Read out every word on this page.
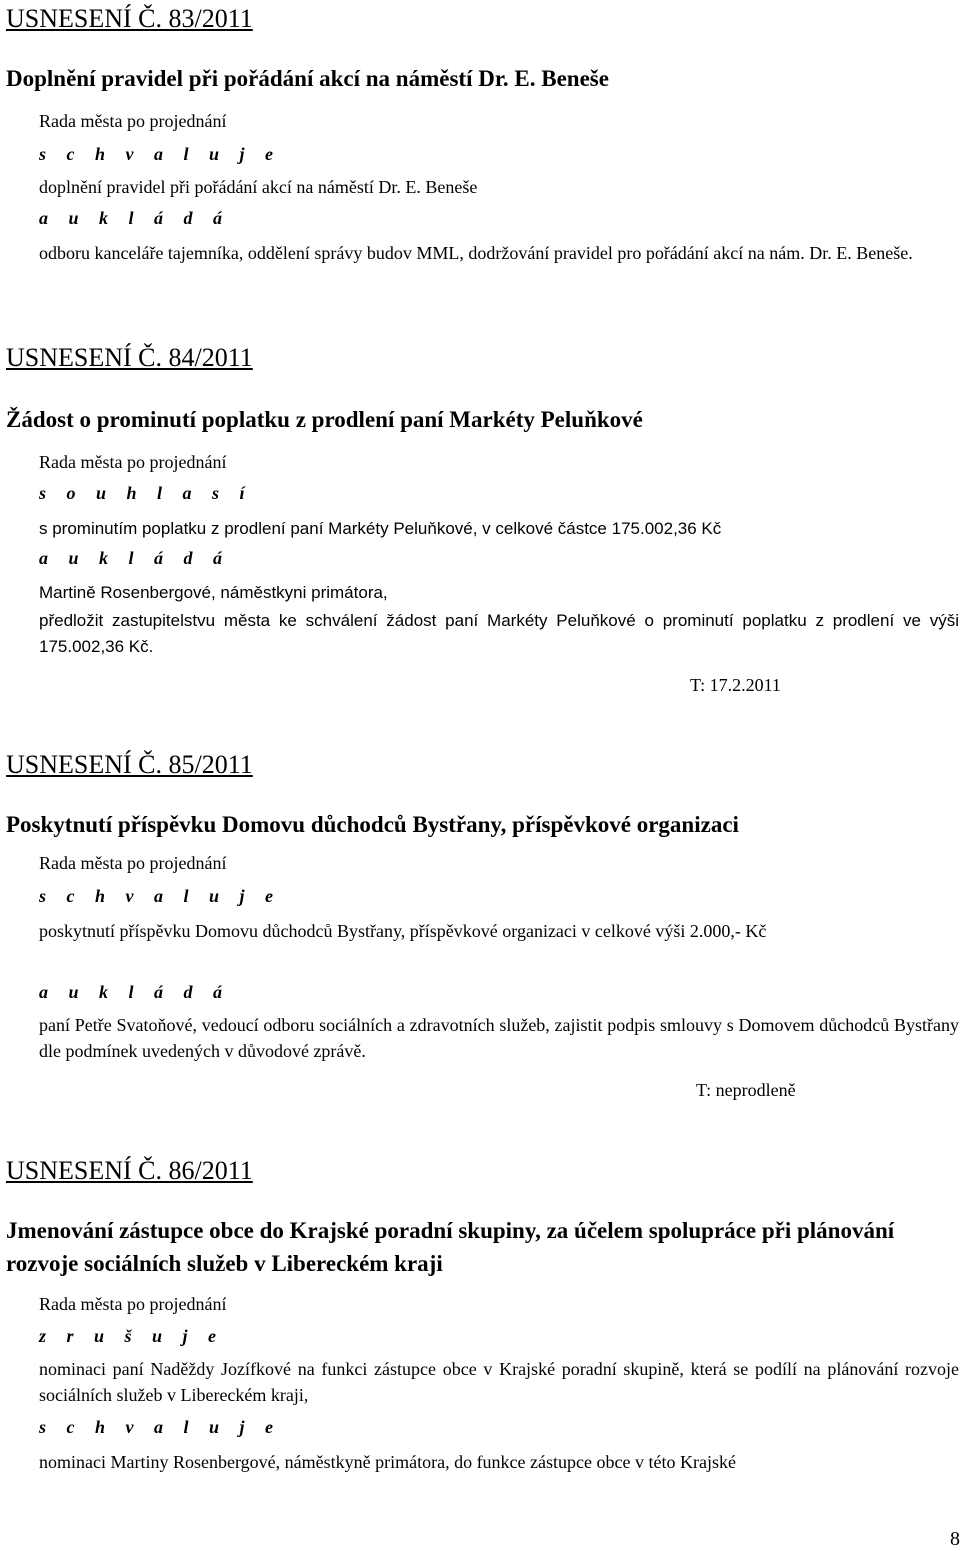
USNESENÍ Č. 83/2011
Doplnění pravidel při pořádání akcí na náměstí Dr. E. Beneše

Rada města po projednání

s c h v a l u j e

doplnění pravidel při pořádání akcí na náměstí Dr. E. Beneše

a u k l á d á

odboru kanceláře tajemníka, oddělení správy budov MML, dodržování pravidel pro pořádání akcí na nám. Dr. E. Beneše.

USNESENÍ Č. 84/2011
Žádost o prominutí poplatku z prodlení paní Markéty Peluňkové

Rada města po projednání

s o u h l a s í

s prominutím poplatku z prodlení paní Markéty Peluňkové, v celkové částce 175.002,36 Kč

a u k l á d á

Martině Rosenbergové, náměstkyni primátora,

předložit zastupitelstvu města ke schválení žádost paní Markéty Peluňkové o prominutí poplatku z prodlení ve výši 175.002,36 Kč.

T: 17.2.2011

USNESENÍ Č. 85/2011
Poskytnutí příspěvku Domovu důchodců Bystřany, příspěvkové organizaci

Rada města po projednání

s c h v a l u j e

poskytnutí příspěvku Domovu důchodců Bystřany, příspěvkové organizaci v celkové výši 2.000,- Kč

a u k l á d á

paní Petře Svatoňové, vedoucí odboru sociálních a zdravotních služeb, zajistit podpis smlouvy s Domovem důchodců Bystřany dle podmínek uvedených v důvodové zprávě.

T: neprodleně

USNESENÍ Č. 86/2011
Jmenování zástupce obce do Krajské poradní skupiny, za účelem spolupráce při plánování rozvoje sociálních služeb v Libereckém kraji

Rada města po projednání

z r u š u j e

nominaci paní Naděždy Jozífkové na funkci zástupce obce v Krajské poradní skupině, která se podílí na plánování rozvoje sociálních služeb v Libereckém kraji,

s c h v a l u j e

nominaci Martiny Rosenbergové, náměstkyně primátora, do funkce zástupce obce v této Krajské

8
